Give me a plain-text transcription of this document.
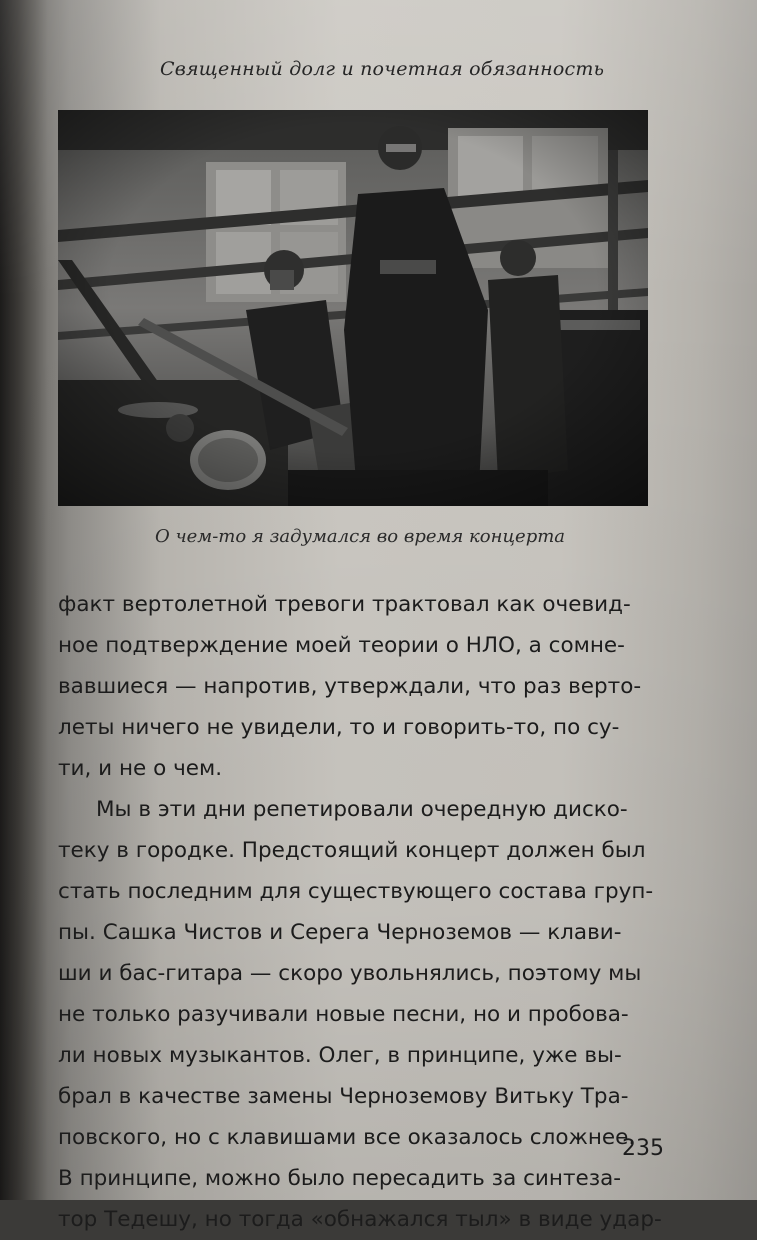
Священный долг и почетная обязанность
О чем-то я задумался во время концерта
факт вертолетной тревоги трактовал как очевид-
ное подтверждение моей теории о НЛО, а сомне-
вавшиеся — напротив, утверждали, что раз верто-
леты ничего не увидели, то и говорить-то, по су-
ти, и не о чем.
Мы в эти дни репетировали очередную диско-
теку в городке. Предстоящий концерт должен был
стать последним для существующего состава груп-
пы. Сашка Чистов и Серега Черноземов — клави-
ши и бас-гитара — скоро увольнялись, поэтому мы
не только разучивали новые песни, но и пробова-
ли новых музыкантов. Олег, в принципе, уже вы-
брал в качестве замены Черноземову Витьку Тра-
повского, но с клавишами все оказалось сложнее.
В принципе, можно было пересадить за синтеза-
тор Тедешу, но тогда «обнажался тыл» в виде удар-
235
